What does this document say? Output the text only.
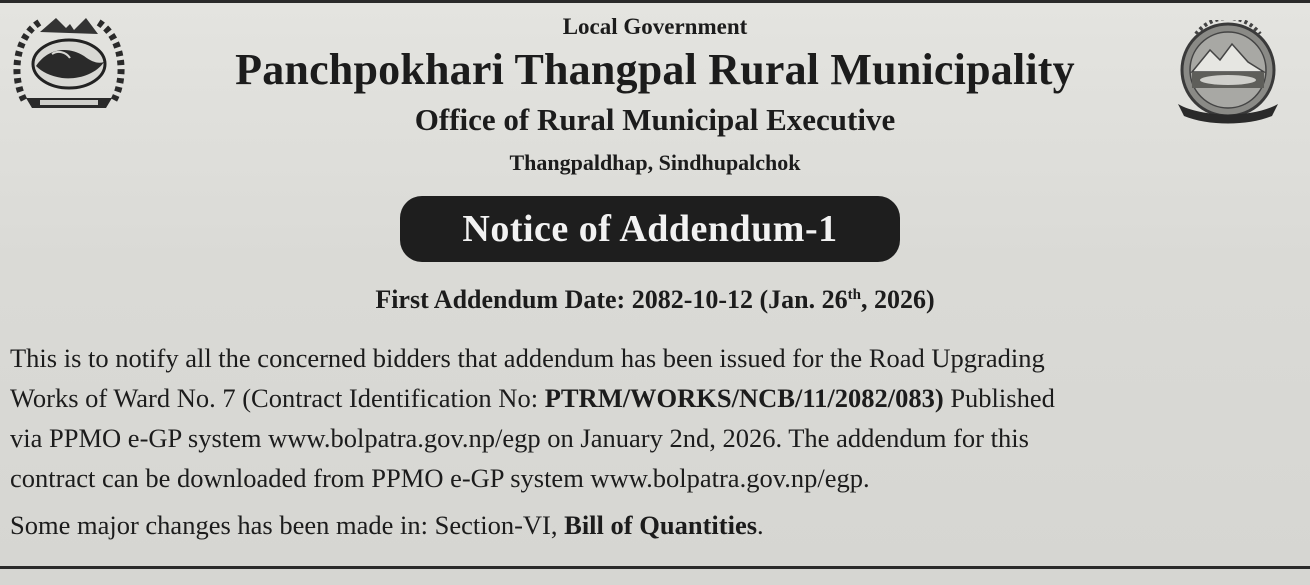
Local Government
Panchpokhari Thangpal Rural Municipality
Office of Rural Municipal Executive
Thangpaldhap, Sindhupalchok
Notice of Addendum-1
First Addendum Date: 2082-10-12 (Jan. 26th, 2026)
This is to notify all the concerned bidders that addendum has been issued for the Road Upgrading
Works of Ward No. 7 (Contract Identification No: PTRM/WORKS/NCB/11/2082/083) Published
via PPMO e-GP system www.bolpatra.gov.np/egp on January 2nd, 2026. The addendum for this
contract can be downloaded from PPMO e-GP system www.bolpatra.gov.np/egp.
Some major changes has been made in: Section-VI, Bill of Quantities.
